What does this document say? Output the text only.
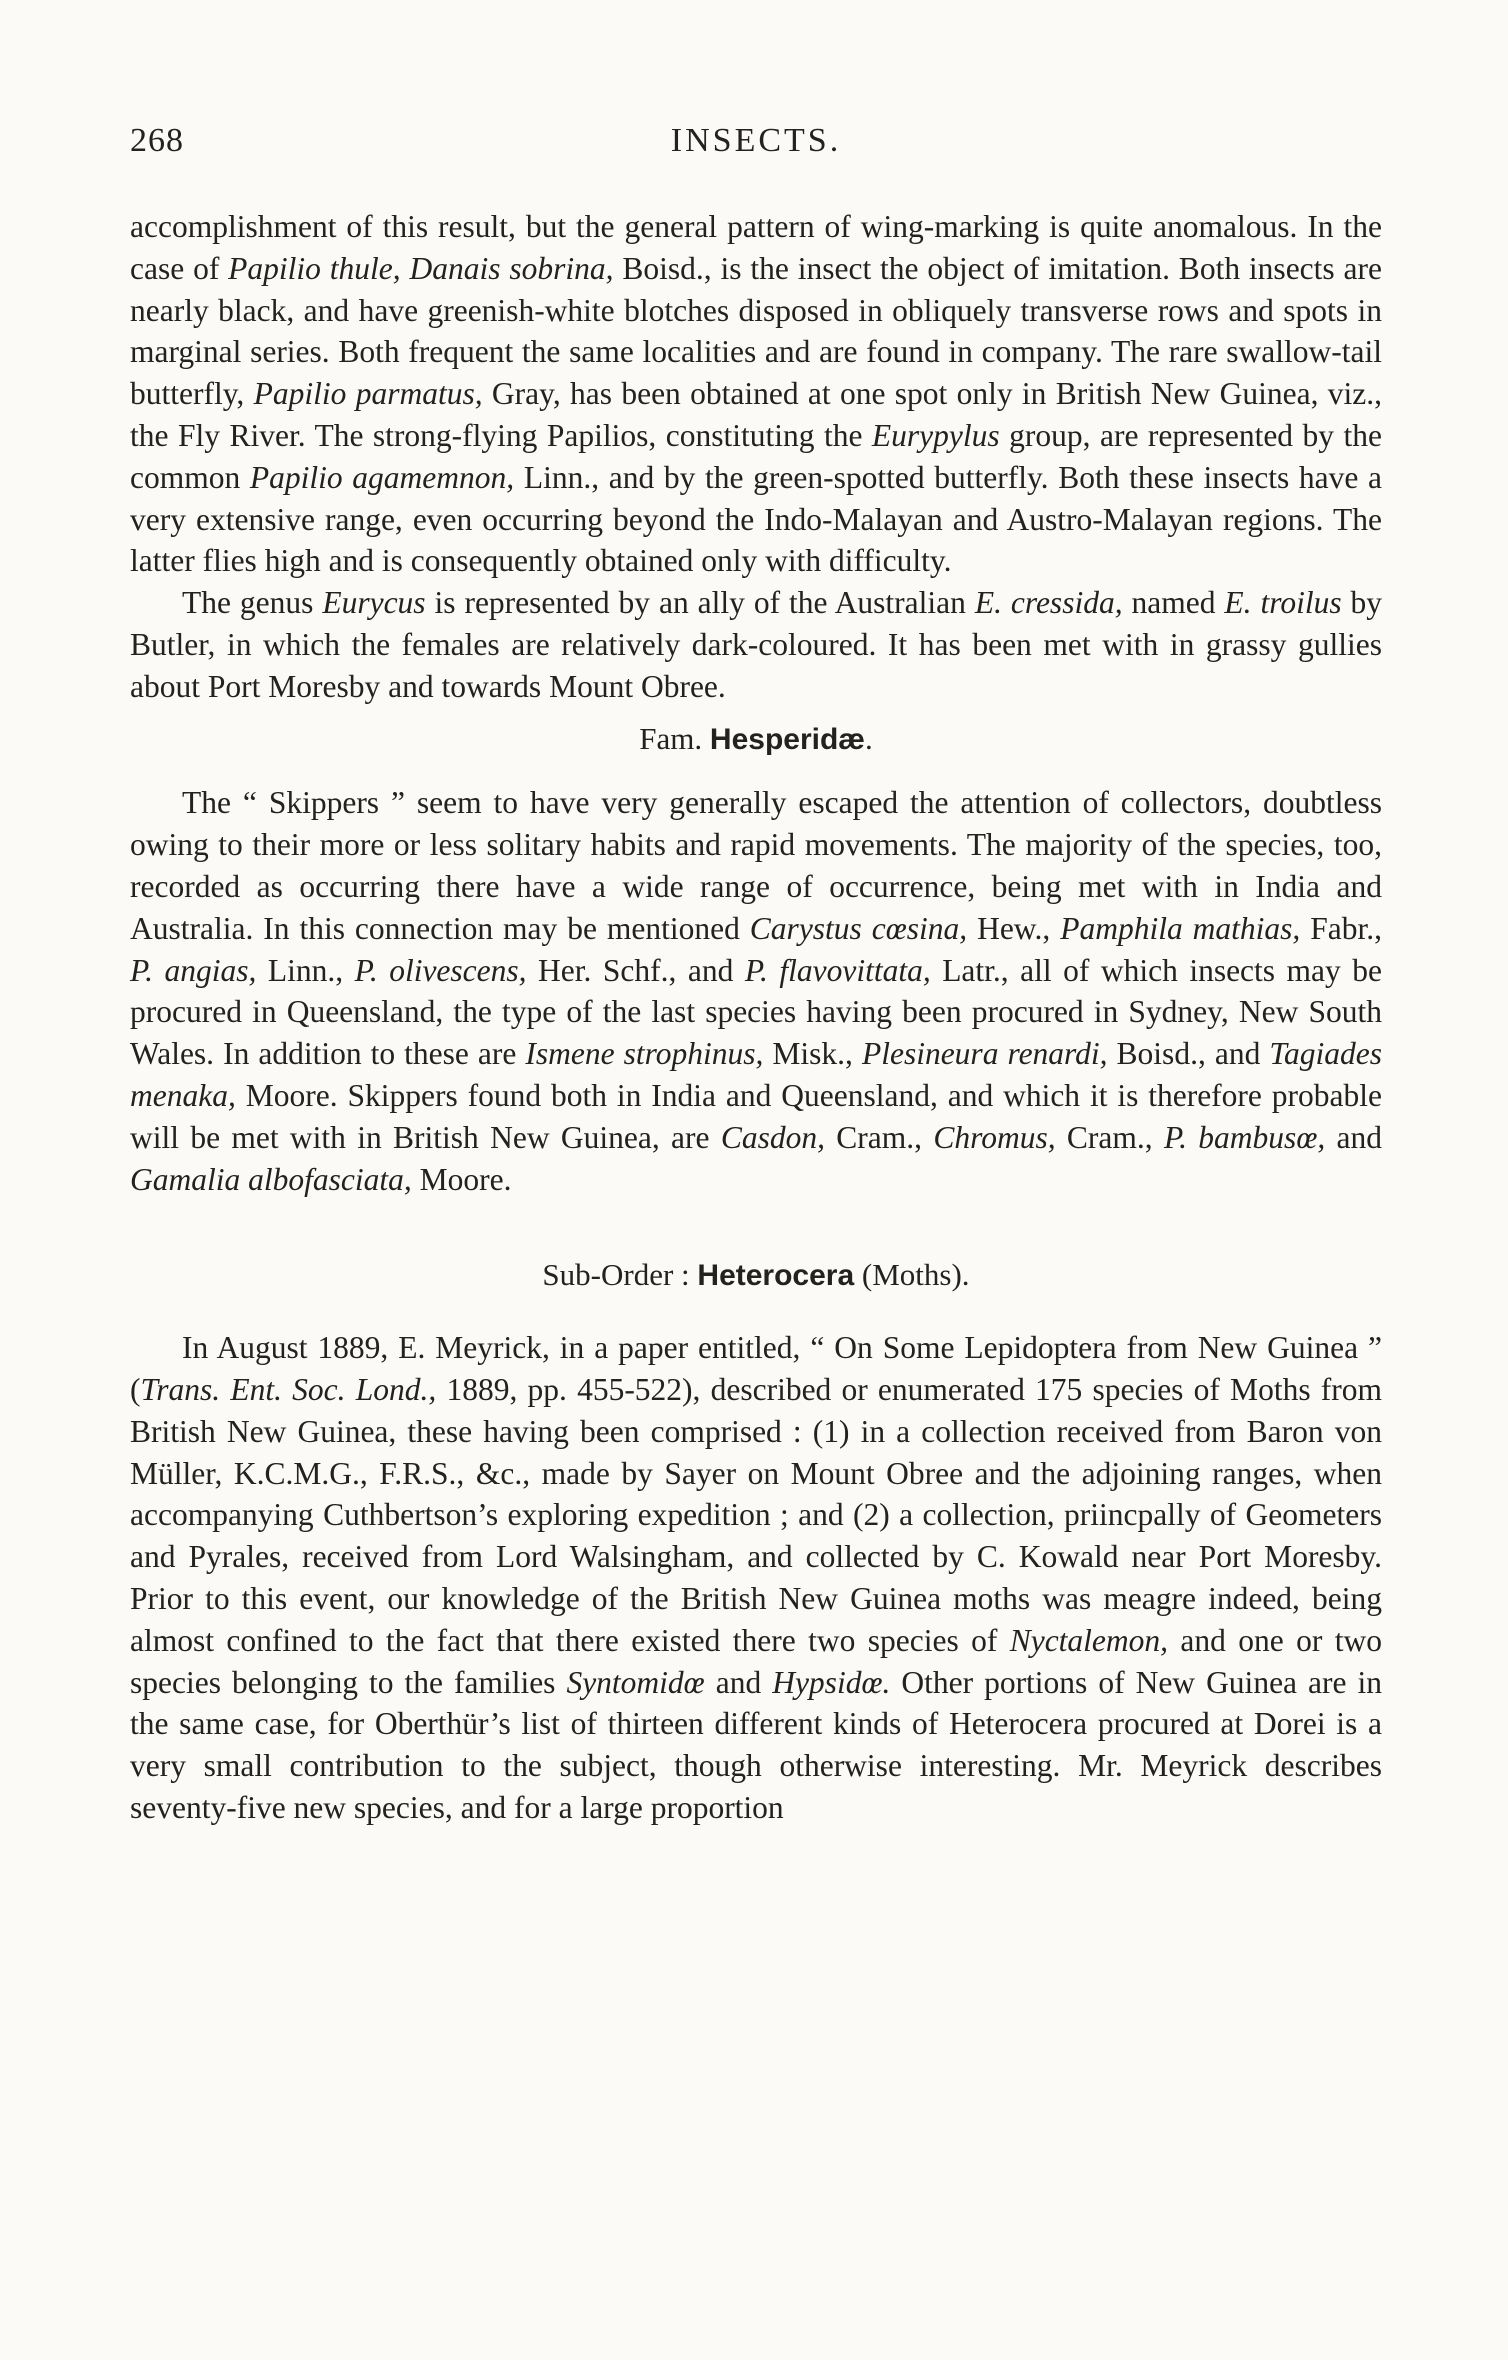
268	INSECTS.

accomplishment of this result, but the general pattern of wing-marking is quite anomalous. In the case of Papilio thule, Danais sobrina, Boisd., is the insect the object of imitation. Both insects are nearly black, and have greenish-white blotches disposed in obliquely transverse rows and spots in marginal series. Both frequent the same localities and are found in company. The rare swallow-tail butterfly, Papilio parmatus, Gray, has been obtained at one spot only in British New Guinea, viz., the Fly River. The strong-flying Papilios, constituting the Eurypylus group, are represented by the common Papilio agamemnon, Linn., and by the green-spotted butterfly. Both these insects have a very extensive range, even occurring beyond the Indo-Malayan and Austro-Malayan regions. The latter flies high and is consequently obtained only with difficulty.

The genus Eurycus is represented by an ally of the Australian E. cressida, named E. troilus by Butler, in which the females are relatively dark-coloured. It has been met with in grassy gullies about Port Moresby and towards Mount Obree.

Fam. Hesperidæ.

The “ Skippers ” seem to have very generally escaped the attention of collectors, doubtless owing to their more or less solitary habits and rapid movements. The majority of the species, too, recorded as occurring there have a wide range of occurrence, being met with in India and Australia. In this connection may be mentioned Carystus cœsina, Hew., Pamphila mathias, Fabr., P. angias, Linn., P. olivescens, Her. Schf., and P. flavovittata, Latr., all of which insects may be procured in Queensland, the type of the last species having been procured in Sydney, New South Wales. In addition to these are Ismene strophinus, Misk., Plesineura renardi, Boisd., and Tagiades menaka, Moore. Skippers found both in India and Queensland, and which it is therefore probable will be met with in British New Guinea, are Casdon, Cram., Chromus, Cram., P. bambusœ, and Gamalia albofasciata, Moore.

Sub-Order : Heterocera (Moths).

In August 1889, E. Meyrick, in a paper entitled, “ On Some Lepidoptera from New Guinea ” (Trans. Ent. Soc. Lond., 1889, pp. 455-522), described or enumerated 175 species of Moths from British New Guinea, these having been comprised : (1) in a collection received from Baron von Müller, K.C.M.G., F.R.S., &c., made by Sayer on Mount Obree and the adjoining ranges, when accompanying Cuthbertson’s exploring expedition ; and (2) a collection, priincpally of Geometers and Pyrales, received from Lord Walsingham, and collected by C. Kowald near Port Moresby. Prior to this event, our knowledge of the British New Guinea moths was meagre indeed, being almost confined to the fact that there existed there two species of Nyctalemon, and one or two species belonging to the families Syntomidœ and Hypsidœ. Other portions of New Guinea are in the same case, for Oberthür’s list of thirteen different kinds of Heterocera procured at Dorei is a very small contribution to the subject, though otherwise interesting. Mr. Meyrick describes seventy-five new species, and for a large proportion
